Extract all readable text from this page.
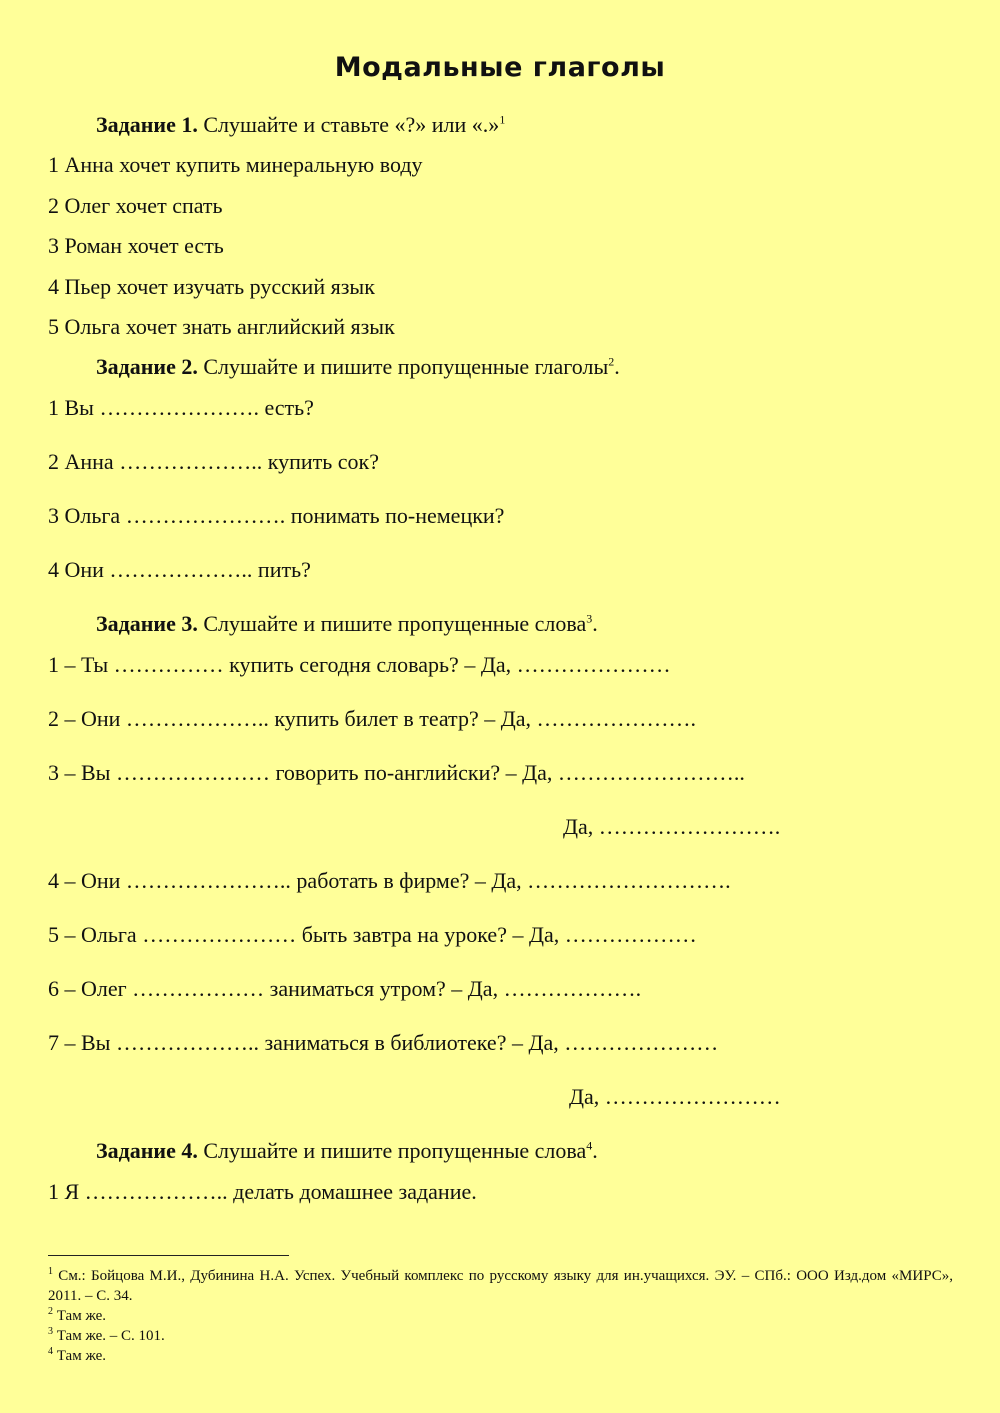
Модальные глаголы
Задание 1. Слушайте и ставьте «?» или «.»$^1$
1 Анна хочет купить минеральную воду
2 Олег хочет спать
3 Роман хочет есть
4 Пьер хочет изучать русский язык
5 Ольга хочет знать английский язык
Задание 2. Слушайте и пишите пропущенные глаголы$^2$.
1 Вы …………………. есть?
2 Анна ……………….. купить сок?
3 Ольга …………………. понимать по-немецки?
4 Они ……………….. пить?
Задание 3. Слушайте и пишите пропущенные слова$^3$.
1 – Ты …………… купить сегодня словарь? – Да, …………………
2 – Они ……………….. купить билет в театр? – Да, ………………….
3 – Вы ………………… говорить по-английски? – Да, ……………………..
Да, …………………….
4 – Они ………………….. работать в фирме? – Да, ……………………….
5 – Ольга ………………… быть завтра на уроке? – Да, ………………
6 – Олег ……………… заниматься утром? – Да, ……………….
7 – Вы ……………….. заниматься в библиотеке? – Да, …………………
Да, ……………………
Задание 4. Слушайте и пишите пропущенные слова$^4$.
1 Я ……………….. делать домашнее задание.
$^1$ См.: Бойцова М.И., Дубинина Н.А. Успех. Учебный комплекс по русскому языку для ин.учащихся. ЭУ. – СПб.: ООО Изд.дом «МИРС», 2011. – С. 34.
$^2$ Там же.
$^3$ Там же. – С. 101.
$^4$ Там же.
